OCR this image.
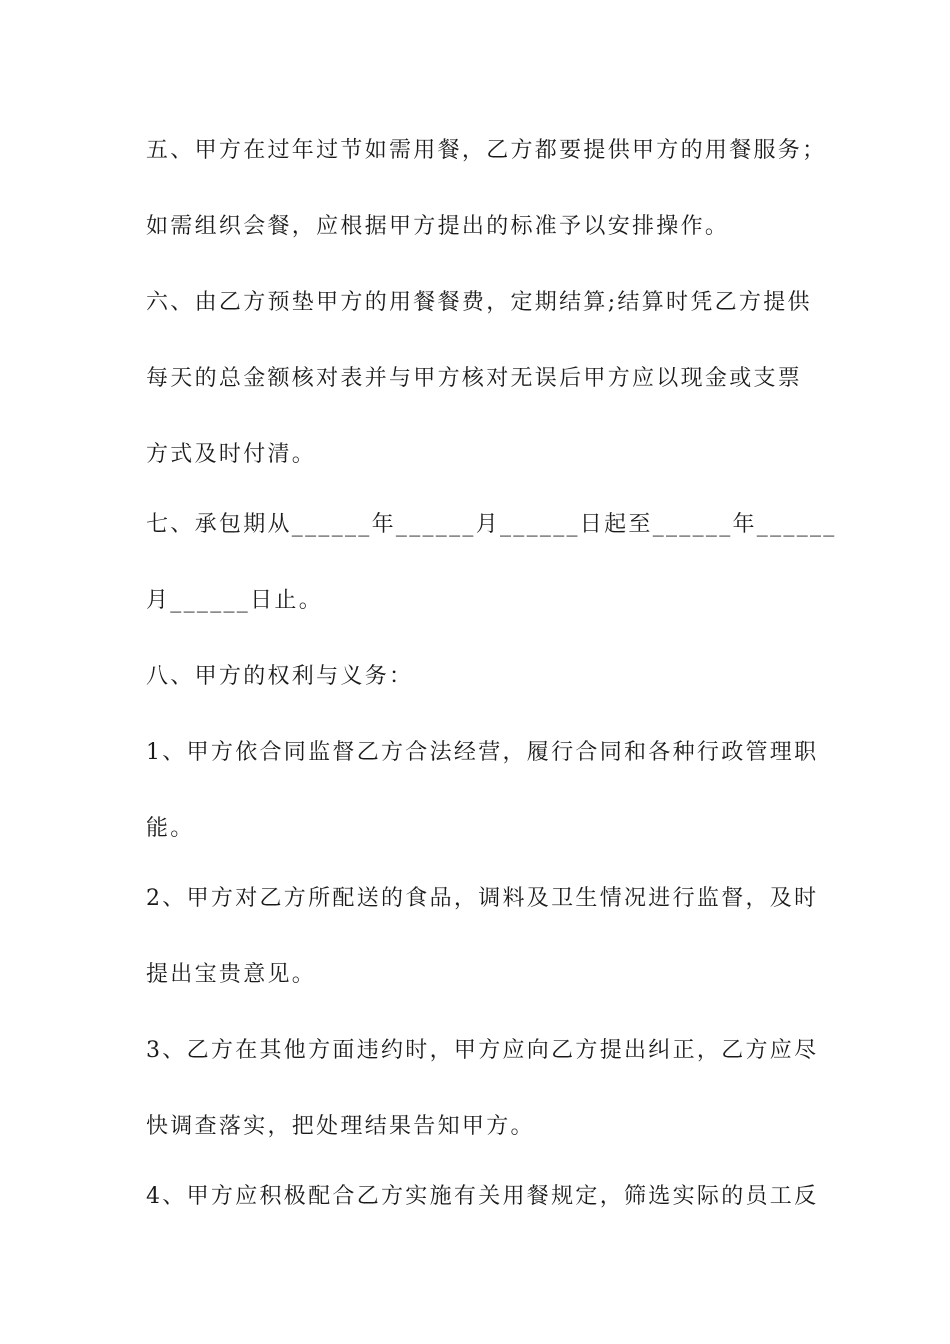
五、甲方在过年过节如需用餐，乙方都要提供甲方的用餐服务；
如需组织会餐，应根据甲方提出的标准予以安排操作。
六、由乙方预垫甲方的用餐餐费，定期结算;结算时凭乙方提供
每天的总金额核对表并与甲方核对无误后甲方应以现金或支票
方式及时付清。
七、承包期从______年______月______日起至______年______
月______日止。
八、甲方的权利与义务：
1、甲方依合同监督乙方合法经营，履行合同和各种行政管理职
能。
2、甲方对乙方所配送的食品，调料及卫生情况进行监督，及时
提出宝贵意见。
3、乙方在其他方面违约时，甲方应向乙方提出纠正，乙方应尽
快调查落实，把处理结果告知甲方。
4、甲方应积极配合乙方实施有关用餐规定，筛选实际的员工反
